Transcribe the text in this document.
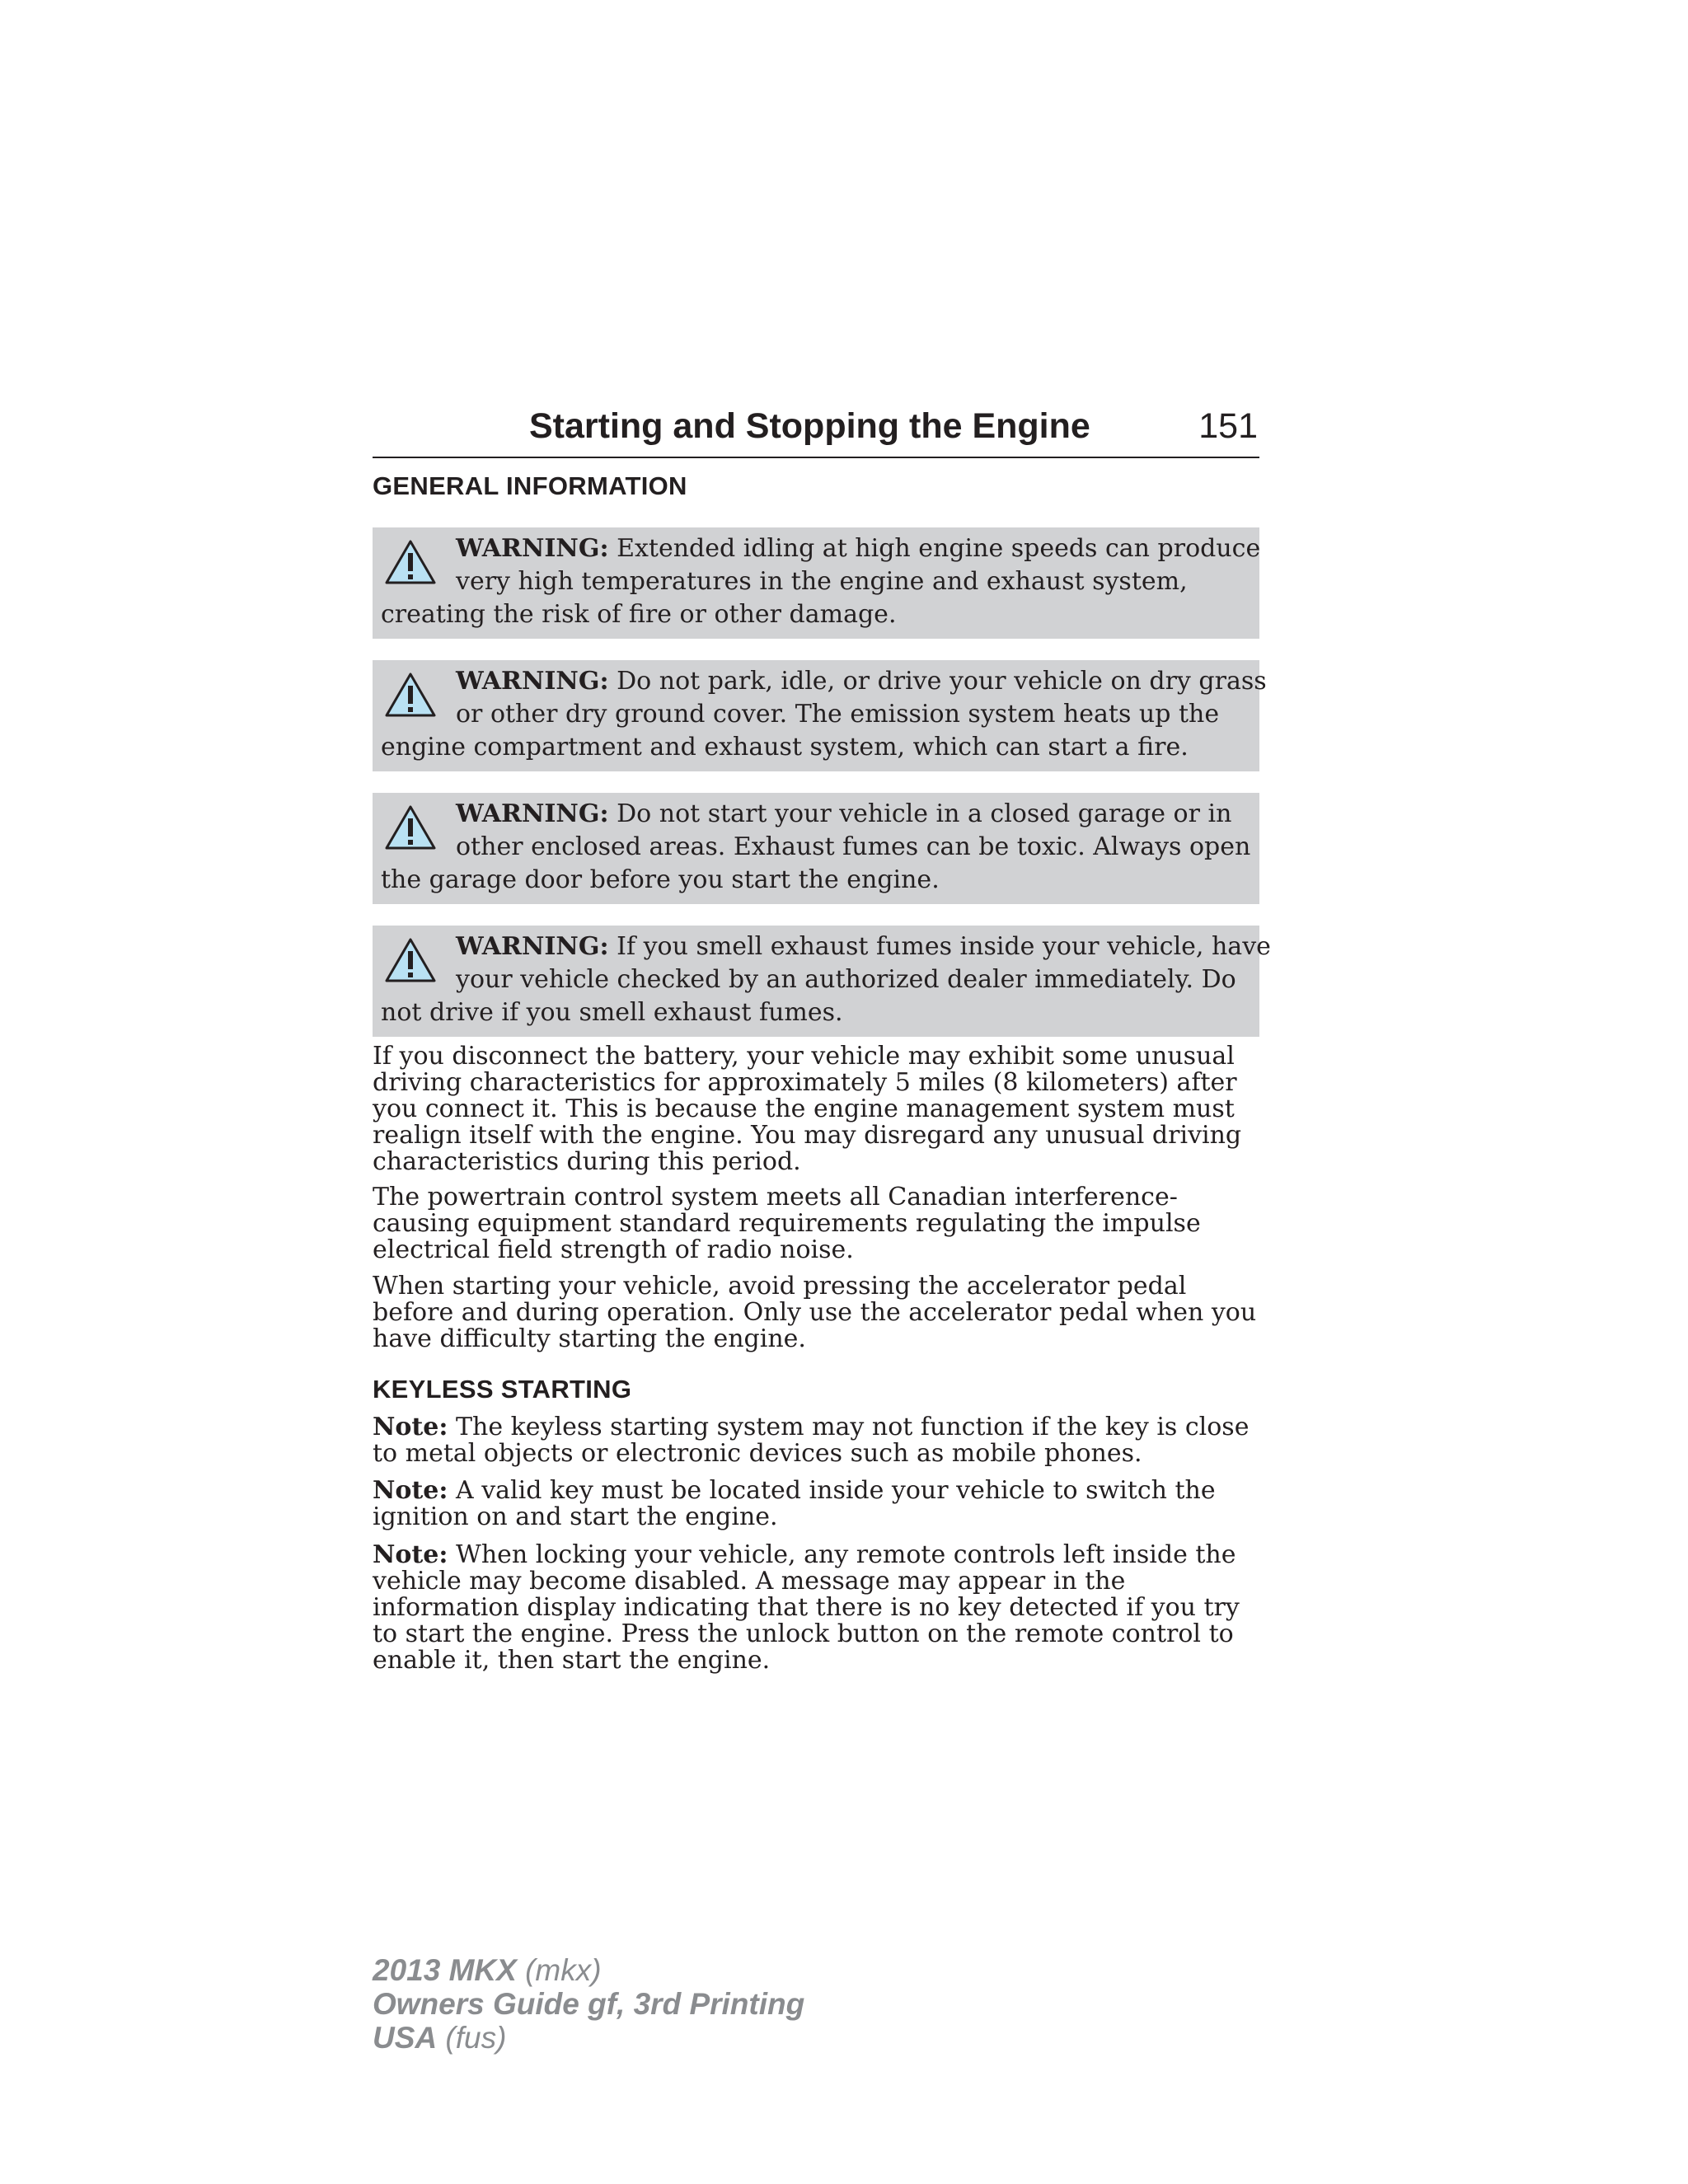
Starting and Stopping the Engine	151
GENERAL INFORMATION
WARNING: Extended idling at high engine speeds can produce
very high temperatures in the engine and exhaust system,
creating the risk of fire or other damage.
WARNING: Do not park, idle, or drive your vehicle on dry grass
or other dry ground cover. The emission system heats up the
engine compartment and exhaust system, which can start a fire.
WARNING: Do not start your vehicle in a closed garage or in
other enclosed areas. Exhaust fumes can be toxic. Always open
the garage door before you start the engine.
WARNING: If you smell exhaust fumes inside your vehicle, have
your vehicle checked by an authorized dealer immediately. Do
not drive if you smell exhaust fumes.

If you disconnect the battery, your vehicle may exhibit some unusual driving characteristics for approximately 5 miles (8 kilometers) after you connect it. This is because the engine management system must realign itself with the engine. You may disregard any unusual driving characteristics during this period.

The powertrain control system meets all Canadian interference-causing equipment standard requirements regulating the impulse electrical field strength of radio noise.

When starting your vehicle, avoid pressing the accelerator pedal before and during operation. Only use the accelerator pedal when you have difficulty starting the engine.

KEYLESS STARTING

Note: The keyless starting system may not function if the key is close to metal objects or electronic devices such as mobile phones.

Note: A valid key must be located inside your vehicle to switch the ignition on and start the engine.

Note: When locking your vehicle, any remote controls left inside the vehicle may become disabled. A message may appear in the information display indicating that there is no key detected if you try to start the engine. Press the unlock button on the remote control to enable it, then start the engine.

2013 MKX (mkx)
Owners Guide gf, 3rd Printing
USA (fus)
